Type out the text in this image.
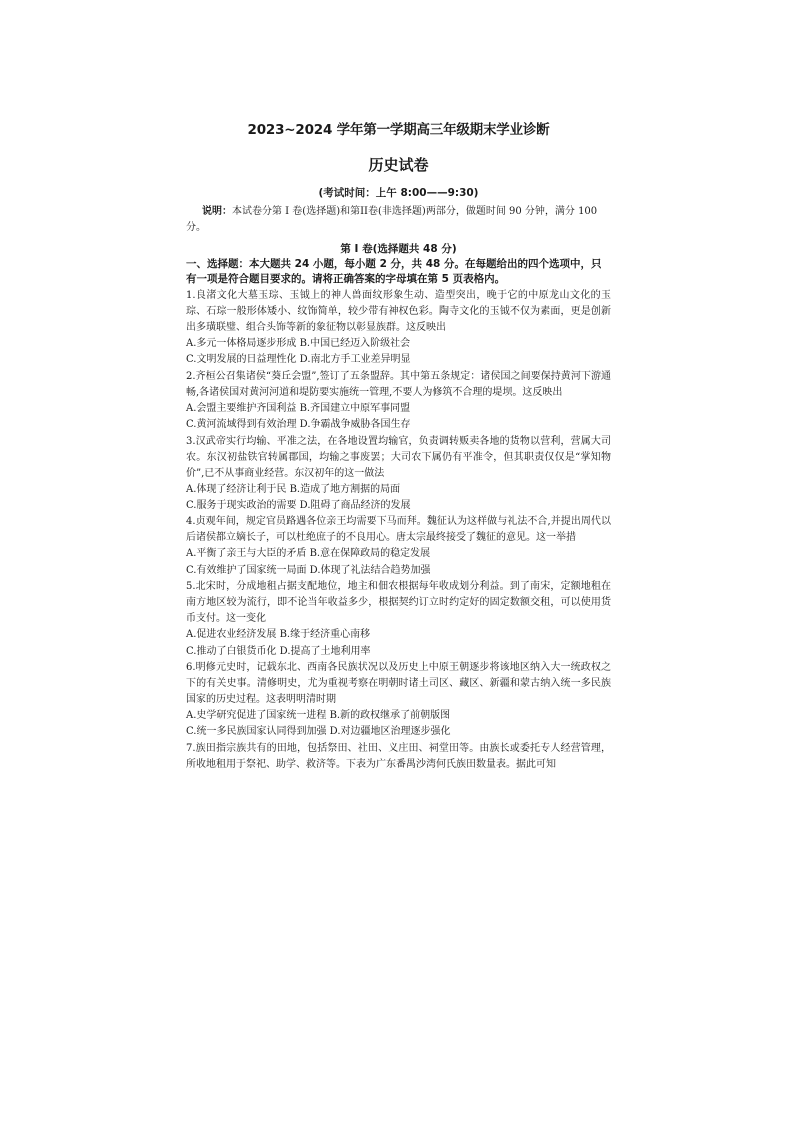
2023~2024 学年第一学期高三年级期末学业诊断
历史试卷
(考试时间：上午 8:00——9:30)

说明：本试卷分第 I 卷(选择题)和第II卷(非选择题)两部分，做题时间 90 分钟，满分 100 分。

第 I 卷(选择题共 48 分)

一、选择题：本大题共 24 小题，每小题 2 分，共 48 分。在每题给出的四个选项中，只有一项是符合题目要求的。请将正确答案的字母填在第 5 页表格内。

1.良渚文化大墓玉琮、玉钺上的神人兽面纹形象生动、造型突出，晚于它的中原龙山文化的玉琮、石琮一般形体矮小、纹饰简单，较少带有神权色彩。陶寺文化的玉钺不仅为素面，更是创新出多璜联璧、组合头饰等新的象征物以彰显族群。这反映出

A.多元一体格局逐步形成 B.中国已经迈入阶级社会

C.文明发展的日益理性化 D.南北方手工业差异明显

2.齐桓公召集诸侯“葵丘会盟”,签订了五条盟辞。其中第五条规定：诸侯国之间要保持黄河下游通畅,各诸侯国对黄河河道和堤防要实施统一管理,不要人为修筑不合理的堤坝。这反映出

A.会盟主要维护齐国利益 B.齐国建立中原军事同盟

C.黄河流域得到有效治理 D.争霸战争威胁各国生存

3.汉武帝实行均输、平准之法，在各地设置均输官，负责调转贩卖各地的货物以营利，营属大司农。东汉初盐铁官转属郡国，均输之事废罢；大司农下属仍有平准令，但其职责仅仅是“掌知物价”,已不从事商业经营。东汉初年的这一做法

A.体现了经济让利于民 B.造成了地方割据的局面

C.服务于现实政治的需要 D.阻碍了商品经济的发展

4.贞观年间，规定官员路遇各位亲王均需要下马而拜。魏征认为这样做与礼法不合,并提出周代以后诸侯都立嫡长子，可以杜绝庶子的不良用心。唐太宗最终接受了魏征的意见。这一举措

A.平衡了亲王与大臣的矛盾 B.意在保障政局的稳定发展

C.有效维护了国家统一局面 D.体现了礼法结合趋势加强

5.北宋时，分成地租占据支配地位，地主和佃农根据每年收成划分利益。到了南宋，定额地租在南方地区较为流行，即不论当年收益多少，根据契约订立时约定好的固定数额交租，可以使用货币支付。这一变化

A.促进农业经济发展 B.缘于经济重心南移

C.推动了白银货币化 D.提高了土地利用率

6.明修元史时，记载东北、西南各民族状况以及历史上中原王朝逐步将该地区纳入大一统政权之下的有关史事。清修明史，尤为重视考察在明朝时诸土司区、藏区、新疆和蒙古纳入统一多民族国家的历史过程。这表明明清时期

A.史学研究促进了国家统一进程 B.新的政权继承了前朝版图

C.统一多民族国家认同得到加强 D.对边疆地区治理逐步强化

7.族田指宗族共有的田地，包括祭田、社田、义庄田、祠堂田等。由族长或委托专人经营管理，所收地租用于祭祀、助学、救济等。下表为广东番禺沙湾何氏族田数量表。据此可知
